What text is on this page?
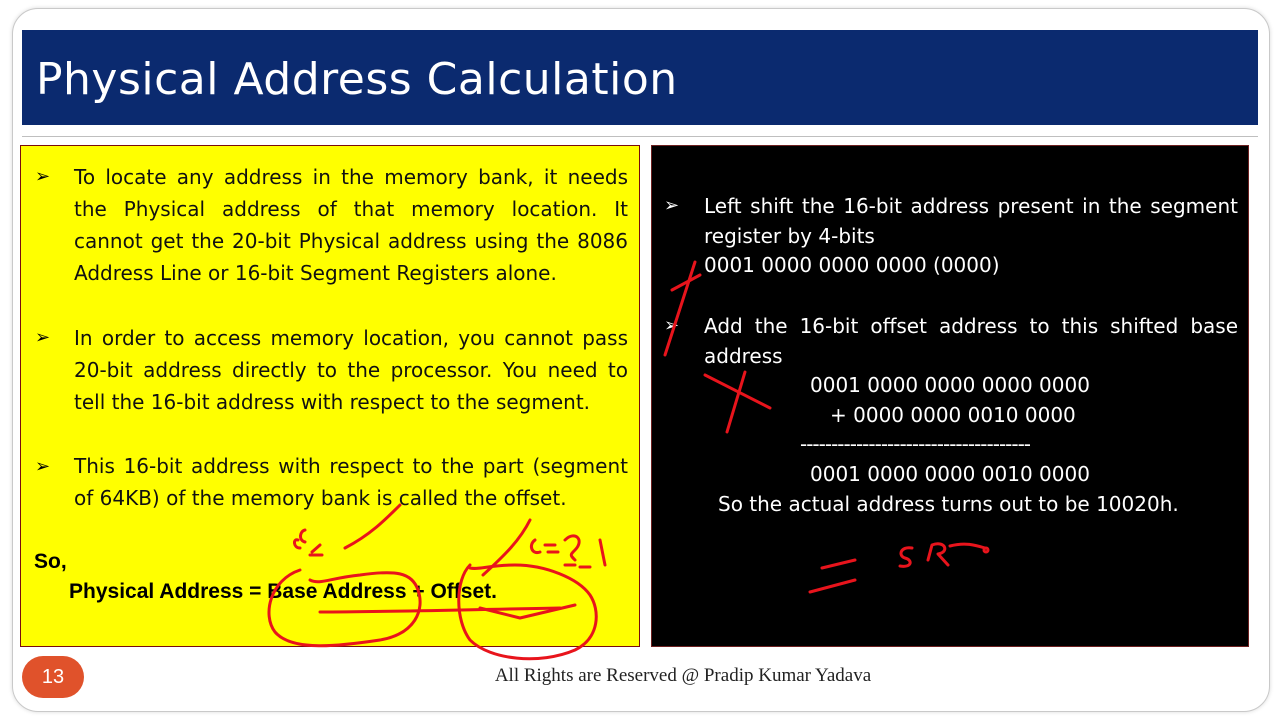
Physical Address Calculation
➢ To locate any address in the memory bank, it needs the Physical address of that memory location. It cannot get the 20-bit Physical address using the 8086 Address Line or 16-bit Segment Registers alone.
➢ In order to access memory location, you cannot pass 20-bit address directly to the processor. You need to tell the 16-bit address with respect to the segment.
➢ This 16-bit address with respect to the part (segment of 64KB) of the memory bank is called the offset.
So,
Physical Address = Base Address + Offset.
➢ Left shift the 16-bit address present in the segment register by 4-bits
0001 0000 0000 0000 (0000)
➢ Add the 16-bit offset address to this shifted base address
0001 0000 0000 0000 0000
+ 0000 0000 0010 0000
-------------------------------------
0001 0000 0000 0010 0000
So the actual address turns out to be 10020h.
13	All Rights are Reserved @ Pradip Kumar Yadava
